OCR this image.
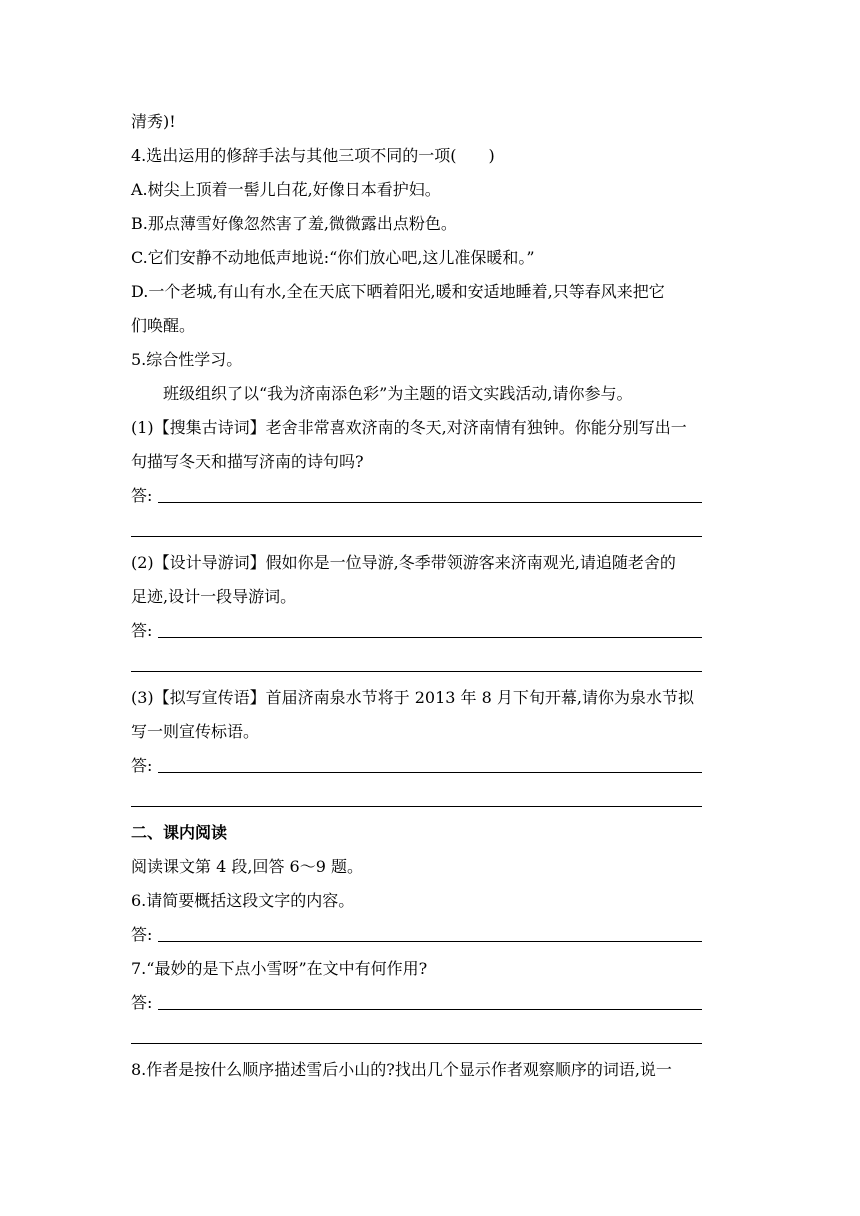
清秀)!
4.选出运用的修辞手法与其他三项不同的一项(　　)
A.树尖上顶着一髻儿白花,好像日本看护妇。
B.那点薄雪好像忽然害了羞,微微露出点粉色。
C.它们安静不动地低声地说:“你们放心吧,这儿准保暖和。”
D.一个老城,有山有水,全在天底下晒着阳光,暖和安适地睡着,只等春风来把它
们唤醒。
5.综合性学习。
班级组织了以“我为济南添色彩”为主题的语文实践活动,请你参与。
(1)【搜集古诗词】老舍非常喜欢济南的冬天,对济南情有独钟。你能分别写出一
句描写冬天和描写济南的诗句吗?
答:
(2)【设计导游词】假如你是一位导游,冬季带领游客来济南观光,请追随老舍的
足迹,设计一段导游词。
答:
(3)【拟写宣传语】首届济南泉水节将于 2013 年 8 月下旬开幕,请你为泉水节拟
写一则宣传标语。
答:
二、课内阅读
阅读课文第 4 段,回答 6～9 题。
6.请简要概括这段文字的内容。
答:
7.“最妙的是下点小雪呀”在文中有何作用?
答:
8.作者是按什么顺序描述雪后小山的?找出几个显示作者观察顺序的词语,说一
